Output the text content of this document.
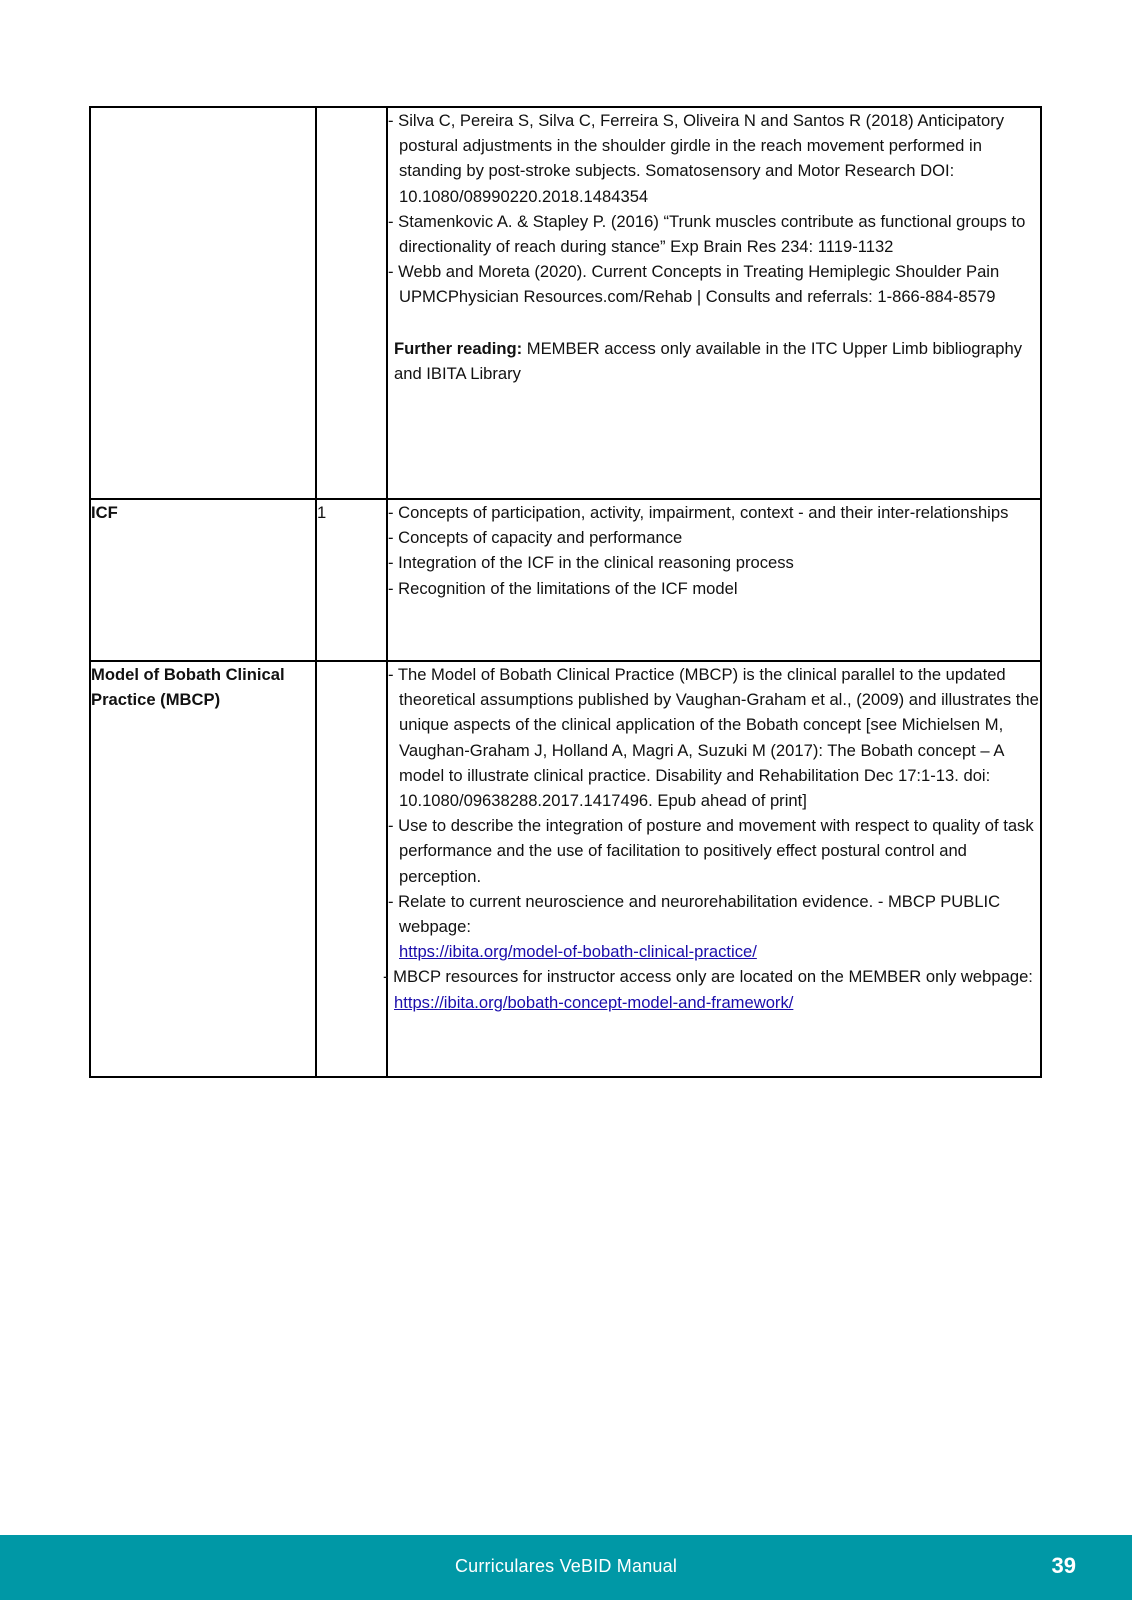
		- Silva C, Pereira S, Silva C, Ferreira S, Oliveira N and Santos R (2018) Anticipatory postural adjustments in the shoulder girdle in the reach movement performed in standing by post-stroke subjects. Somatosensory and Motor Research DOI: 10.1080/08990220.2018.1484354

- Stamenkovic A. & Stapley P. (2016) “Trunk muscles contribute as functional groups to directionality of reach during stance” Exp Brain Res 234: 1119-1132

- Webb and Moreta (2020). Current Concepts in Treating Hemiplegic Shoulder Pain UPMCPhysician Resources.com/Rehab | Consults and referrals: 1-866-884-8579

Further reading: MEMBER access only available in the ITC Upper Limb bibliography and IBITA Library

ICF	1	- Concepts of participation, activity, impairment, context - and their inter-relationships

- Concepts of capacity and performance

- Integration of the ICF in the clinical reasoning process

- Recognition of the limitations of the ICF model

Model of Bobath Clinical Practice (MBCP)		- The Model of Bobath Clinical Practice (MBCP) is the clinical parallel to the updated theoretical assumptions published by Vaughan-Graham et al., (2009) and illustrates the unique aspects of the clinical application of the Bobath concept [see Michielsen M, Vaughan-Graham J, Holland A, Magri A, Suzuki M (2017): The Bobath concept – A model to illustrate clinical practice. Disability and Rehabilitation Dec 17:1-13. doi: 10.1080/09638288.2017.1417496. Epub ahead of print]

- Use to describe the integration of posture and movement with respect to quality of task performance and the use of facilitation to positively effect postural control and perception.

- Relate to current neuroscience and neurorehabilitation evidence. - MBCP PUBLIC webpage:
https://ibita.org/model-of-bobath-clinical-practice/

- MBCP resources for instructor access only are located on the MEMBER only webpage: https://ibita.org/bobath-concept-model-and-framework/

Curriculares VeBID Manual	39
